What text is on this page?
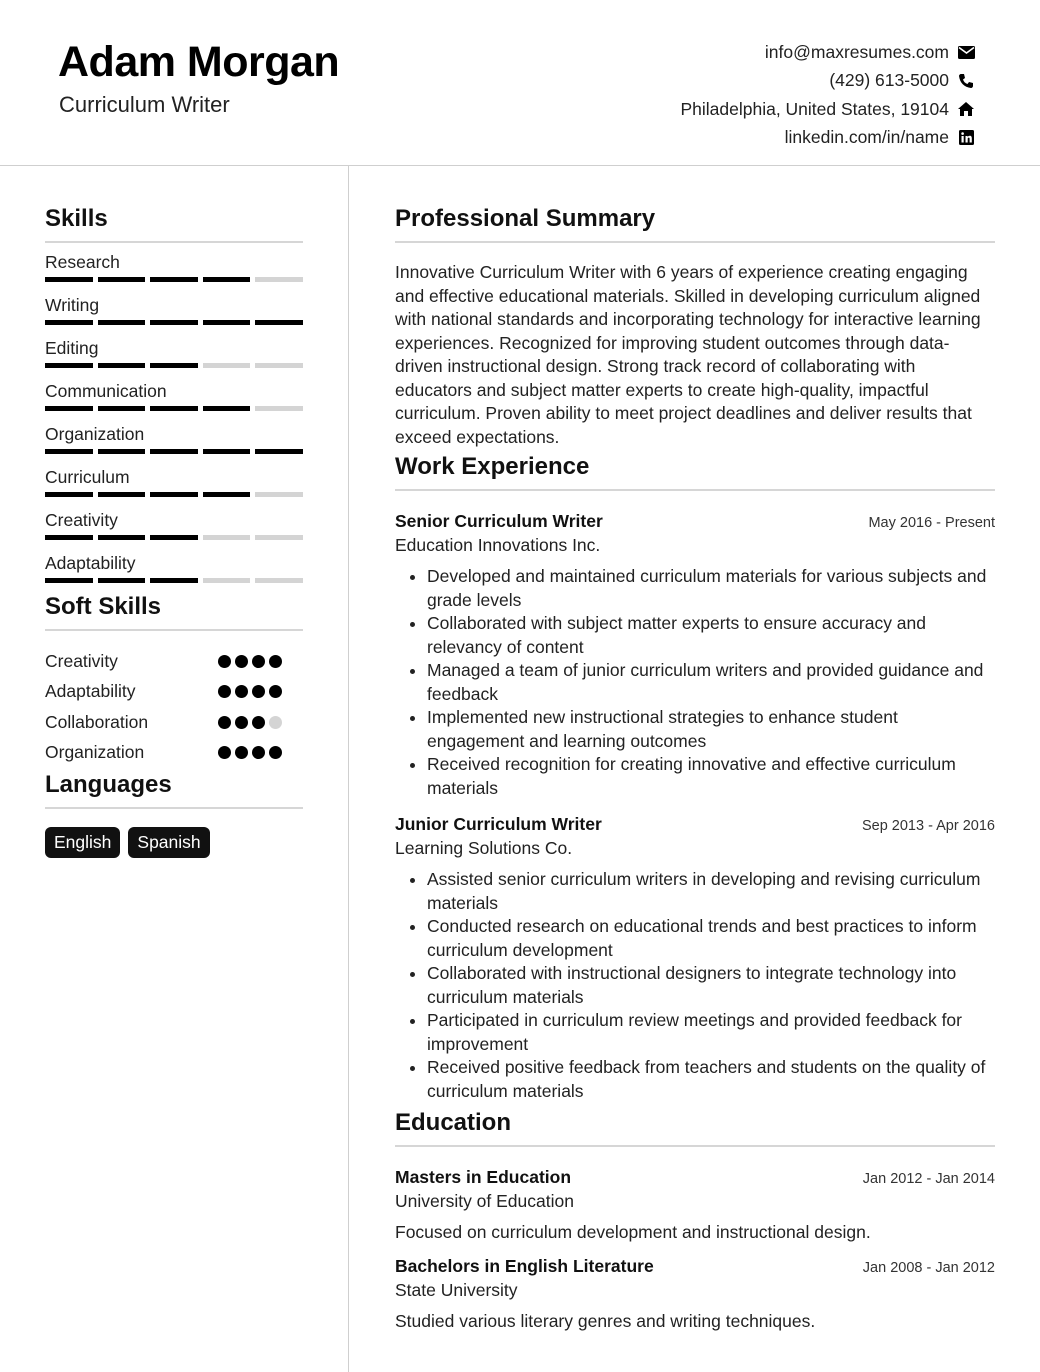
Adam Morgan
Curriculum Writer
info@maxresumes.com
(429) 613-5000
Philadelphia, United States, 19104
linkedin.com/in/name
Skills
Research
Writing
Editing
Communication
Organization
Curriculum
Creativity
Adaptability
Soft Skills
Creativity
Adaptability
Collaboration
Organization
Languages
English	Spanish
Professional Summary
Innovative Curriculum Writer with 6 years of experience creating engaging and effective educational materials. Skilled in developing curriculum aligned with national standards and incorporating technology for interactive learning experiences. Recognized for improving student outcomes through data-driven instructional design. Strong track record of collaborating with educators and subject matter experts to create high-quality, impactful curriculum. Proven ability to meet project deadlines and deliver results that exceed expectations.
Work Experience
Senior Curriculum Writer	May 2016 - Present
Education Innovations Inc.
• Developed and maintained curriculum materials for various subjects and grade levels
• Collaborated with subject matter experts to ensure accuracy and relevancy of content
• Managed a team of junior curriculum writers and provided guidance and feedback
• Implemented new instructional strategies to enhance student engagement and learning outcomes
• Received recognition for creating innovative and effective curriculum materials
Junior Curriculum Writer	Sep 2013 - Apr 2016
Learning Solutions Co.
• Assisted senior curriculum writers in developing and revising curriculum materials
• Conducted research on educational trends and best practices to inform curriculum development
• Collaborated with instructional designers to integrate technology into curriculum materials
• Participated in curriculum review meetings and provided feedback for improvement
• Received positive feedback from teachers and students on the quality of curriculum materials
Education
Masters in Education	Jan 2012 - Jan 2014
University of Education
Focused on curriculum development and instructional design.
Bachelors in English Literature	Jan 2008 - Jan 2012
State University
Studied various literary genres and writing techniques.
